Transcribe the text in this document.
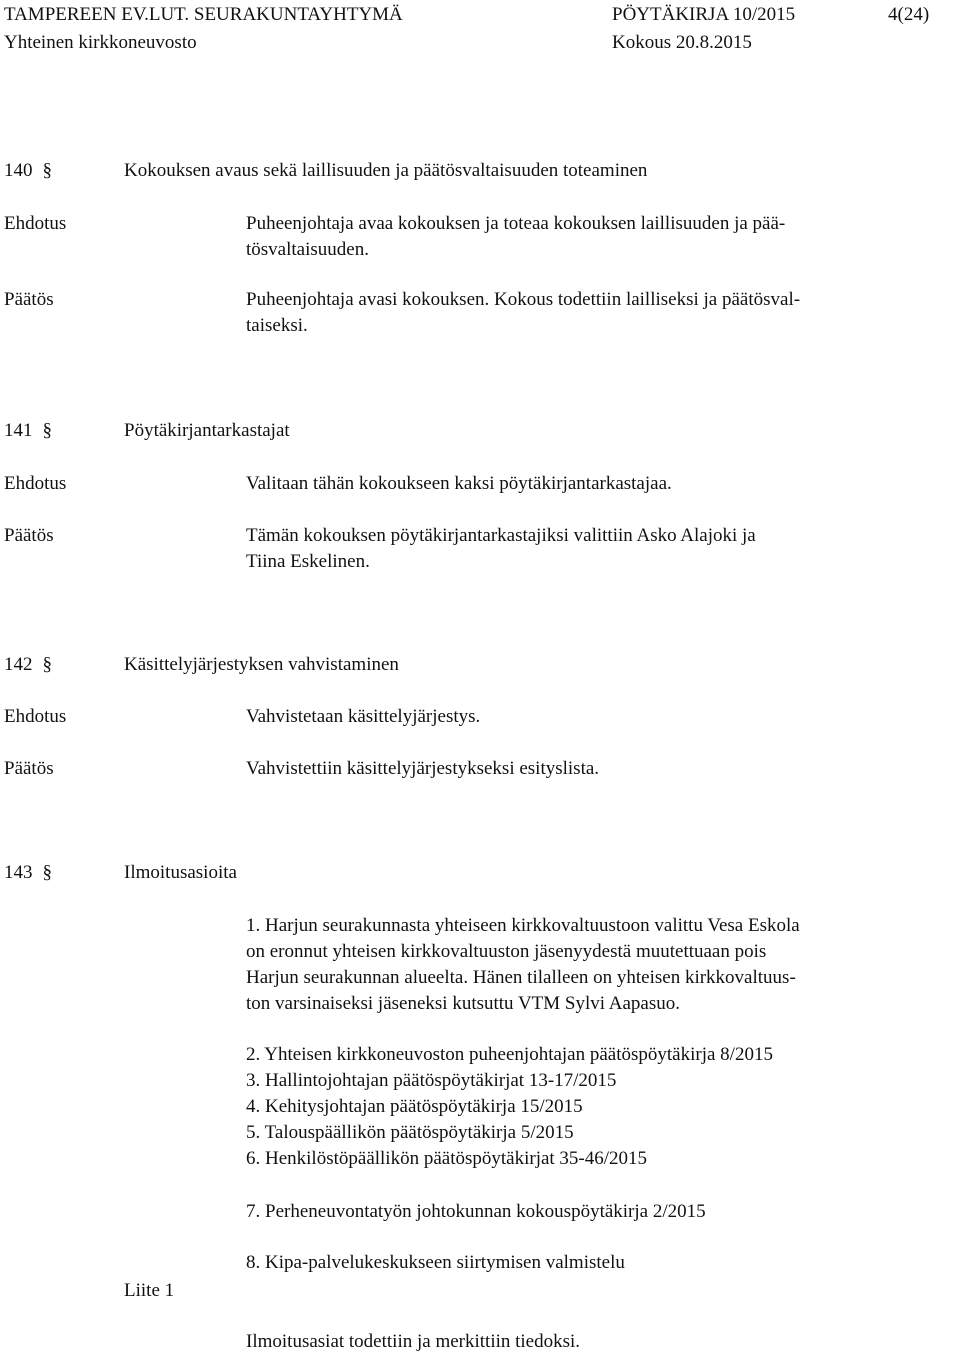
TAMPEREEN EV.LUT. SEURAKUNTAYHTYMÄ	PÖYTÄKIRJA 10/2015	4(24)
Yhteinen kirkkoneuvosto	Kokous 20.8.2015
140 §	Kokouksen avaus sekä laillisuuden ja päätösvaltaisuuden toteaminen
Ehdotus	Puheenjohtaja avaa kokouksen ja toteaa kokouksen laillisuuden ja pää-
tösvaltaisuuden.
Päätös	Puheenjohtaja avasi kokouksen. Kokous todettiin lailliseksi ja päätösval-
taiseksi.
141 §	Pöytäkirjantarkastajat
Ehdotus	Valitaan tähän kokoukseen kaksi pöytäkirjantarkastajaa.
Päätös	Tämän kokouksen pöytäkirjantarkastajiksi valittiin Asko Alajoki ja
Tiina Eskelinen.
142 §	Käsittelyjärjestyksen vahvistaminen
Ehdotus	Vahvistetaan käsittelyjärjestys.
Päätös	Vahvistettiin käsittelyjärjestykseksi esityslista.
143 §	Ilmoitusasioita
1. Harjun seurakunnasta yhteiseen kirkkovaltuustoon valittu Vesa Eskola
on eronnut yhteisen kirkkovaltuuston jäsenyydestä muutettuaan pois
Harjun seurakunnan alueelta. Hänen tilalleen on yhteisen kirkkovaltuus-
ton varsinaiseksi jäseneksi kutsuttu VTM Sylvi Aapasuo.
2. Yhteisen kirkkoneuvoston puheenjohtajan päätöspöytäkirja 8/2015
3. Hallintojohtajan päätöspöytäkirjat 13-17/2015
4. Kehitysjohtajan päätöspöytäkirja 15/2015
5. Talouspäällikön päätöspöytäkirja 5/2015
6. Henkilöstöpäällikön päätöspöytäkirjat 35-46/2015
7. Perheneuvontatyön johtokunnan kokouspöytäkirja 2/2015
8. Kipa-palvelukeskukseen siirtymisen valmistelu
Liite 1
Ilmoitusasiat todettiin ja merkittiin tiedoksi.
